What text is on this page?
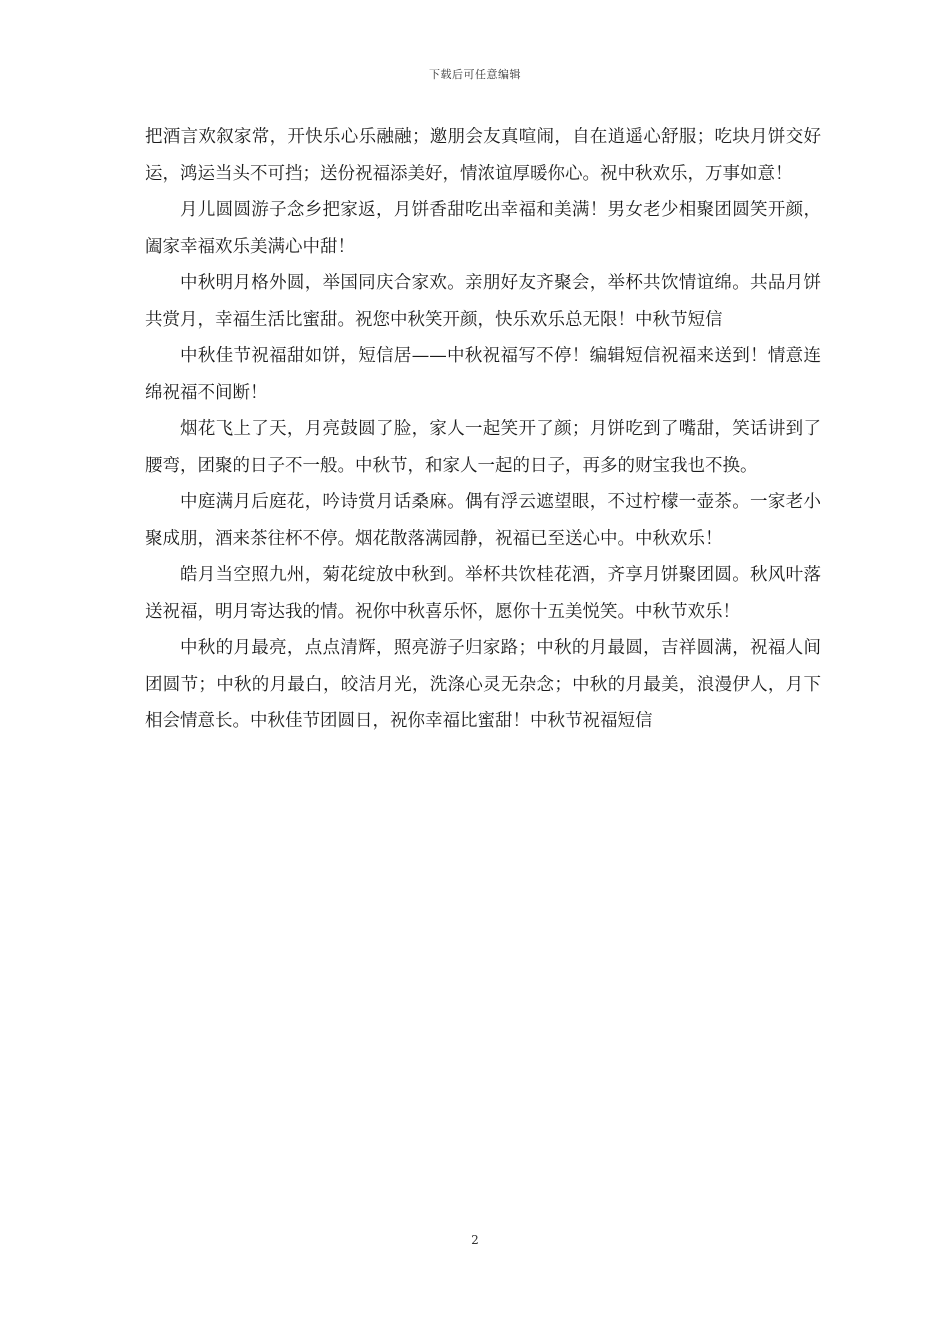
下载后可任意编辑

把酒言欢叙家常，开快乐心乐融融；邀朋会友真喧闹，自在逍遥心舒服；吃块月饼交好运，鸿运当头不可挡；送份祝福添美好，情浓谊厚暖你心。祝中秋欢乐，万事如意！

月儿圆圆游子念乡把家返，月饼香甜吃出幸福和美满！男女老少相聚团圆笑开颜，阖家幸福欢乐美满心中甜！

中秋明月格外圆，举国同庆合家欢。亲朋好友齐聚会，举杯共饮情谊绵。共品月饼共赏月，幸福生活比蜜甜。祝您中秋笑开颜，快乐欢乐总无限！中秋节短信

中秋佳节祝福甜如饼，短信居——中秋祝福写不停！编辑短信祝福来送到！情意连绵祝福不间断！

烟花飞上了天，月亮鼓圆了脸，家人一起笑开了颜；月饼吃到了嘴甜，笑话讲到了腰弯，团聚的日子不一般。中秋节，和家人一起的日子，再多的财宝我也不换。

中庭满月后庭花，吟诗赏月话桑麻。偶有浮云遮望眼，不过柠檬一壶茶。一家老小聚成朋，酒来茶往杯不停。烟花散落满园静，祝福已至送心中。中秋欢乐！

皓月当空照九州，菊花绽放中秋到。举杯共饮桂花酒，齐享月饼聚团圆。秋风叶落送祝福，明月寄达我的情。祝你中秋喜乐怀，愿你十五美悦笑。中秋节欢乐！

中秋的月最亮，点点清辉，照亮游子归家路；中秋的月最圆，吉祥圆满，祝福人间团圆节；中秋的月最白，皎洁月光，洗涤心灵无杂念；中秋的月最美，浪漫伊人，月下相会情意长。中秋佳节团圆日，祝你幸福比蜜甜！中秋节祝福短信

2
